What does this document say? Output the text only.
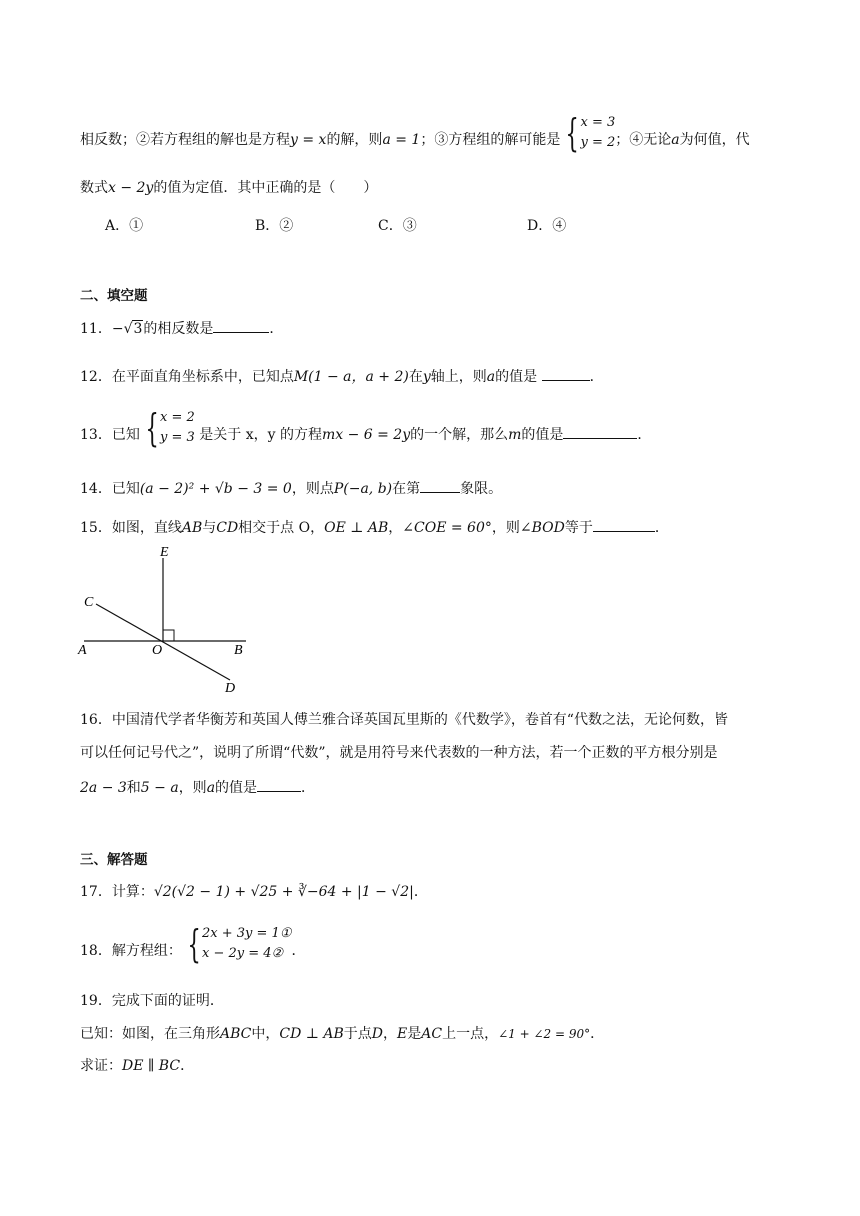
相反数；②若方程组的解也是方程y = x的解，则a = 1；③方程组的解可能是 { x = 3
y = 2 ；④无论a为何值，代
数式x − 2y的值为定值．其中正确的是（　　）
A．①	B．②	C．③	D．④
二、填空题
11．−√3的相反数是	．
12．在平面直角坐标系中，已知点M(1 − a，a + 2)在y轴上，则a的值是	．
13．已知 { x = 2
y = 3 是关于 x，y 的方程mx − 6 = 2y的一个解，那么m的值是	．
14．已知(a − 2)² + √b − 3 = 0，则点P(−a, b)在第	象限。
15．如图，直线AB与CD相交于点 O，OE ⊥ AB，∠COE = 60°，则∠BOD等于	．
E
C
A	O	B
D
16．中国清代学者华衡芳和英国人傅兰雅合译英国瓦里斯的《代数学》，卷首有“代数之法，无论何数，皆
可以任何记号代之”，说明了所谓“代数”，就是用符号来代表数的一种方法，若一个正数的平方根分别是
2a − 3和5 − a，则a的值是	．
三、解答题
17．计算：√2(√2 − 1) + √25 + ∛−64 + |1 − √2|．
18．解方程组： { 2x + 3y = 1①
x − 2y = 4② ．
19．完成下面的证明．
已知：如图，在三角形ABC中，CD ⊥ AB于点D，E是AC上一点，∠1 + ∠2 = 90°．
求证：DE ∥ BC．
